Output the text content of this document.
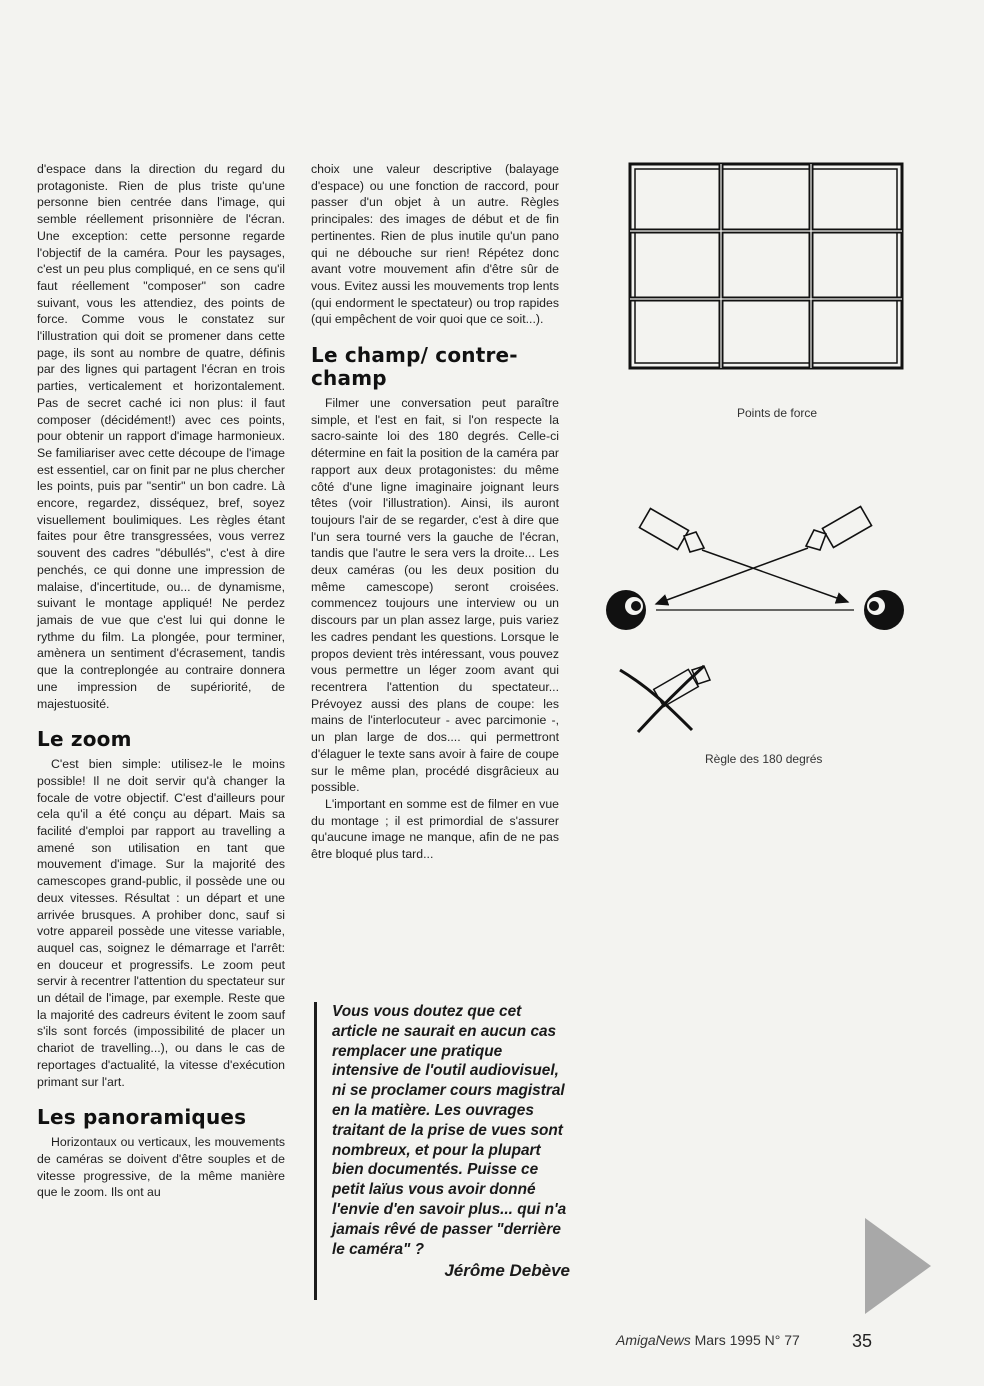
d'espace dans la direction du regard du protagoniste. Rien de plus triste qu'une personne bien centrée dans l'image, qui semble réellement prisonnière de l'écran. Une exception: cette personne regarde l'objectif de la caméra. Pour les paysages, c'est un peu plus compliqué, en ce sens qu'il faut réellement "composer" son cadre suivant, vous les attendiez, des points de force. Comme vous le constatez sur l'illustration qui doit se promener dans cette page, ils sont au nombre de quatre, définis par des lignes qui partagent l'écran en trois parties, verticalement et horizontalement. Pas de secret caché ici non plus: il faut composer (décidément!) avec ces points, pour obtenir un rapport d'image harmonieux. Se familiariser avec cette découpe de l'image est essentiel, car on finit par ne plus chercher les points, puis par "sentir" un bon cadre. Là encore, regardez, disséquez, bref, soyez visuellement boulimiques. Les règles étant faites pour être transgressées, vous verrez souvent des cadres "débullés", c'est à dire penchés, ce qui donne une impression de malaise, d'incertitude, ou... de dynamisme, suivant le montage appliqué! Ne perdez jamais de vue que c'est lui qui donne le rythme du film. La plongée, pour terminer, amènera un sentiment d'écrasement, tandis que la contreplongée au contraire donnera une impression de supériorité, de majestuosité.

Le zoom

C'est bien simple: utilisez-le le moins possible! Il ne doit servir qu'à changer la focale de votre objectif. C'est d'ailleurs pour cela qu'il a été conçu au départ. Mais sa facilité d'emploi par rapport au travelling a amené son utilisation en tant que mouvement d'image. Sur la majorité des camescopes grand-public, il possède une ou deux vitesses. Résultat : un départ et une arrivée brusques. A prohiber donc, sauf si votre appareil possède une vitesse variable, auquel cas, soignez le démarrage et l'arrêt: en douceur et progressifs. Le zoom peut servir à recentrer l'attention du spectateur sur un détail de l'image, par exemple. Reste que la majorité des cadreurs évitent le zoom sauf s'ils sont forcés (impossibilité de placer un chariot de travelling...), ou dans le cas de reportages d'actualité, la vitesse d'exécution primant sur l'art.

Les panoramiques

Horizontaux ou verticaux, les mouvements de caméras se doivent d'être souples et de vitesse progressive, de la même manière que le zoom. Ils ont au

choix une valeur descriptive (balayage d'espace) ou une fonction de raccord, pour passer d'un objet à un autre. Règles principales: des images de début et de fin pertinentes. Rien de plus inutile qu'un pano qui ne débouche sur rien! Répétez donc avant votre mouvement afin d'être sûr de vous. Evitez aussi les mouvements trop lents (qui endorment le spectateur) ou trop rapides (qui empêchent de voir quoi que ce soit...).

Le champ/ contre-champ

Filmer une conversation peut paraître simple, et l'est en fait, si l'on respecte la sacro-sainte loi des 180 degrés. Celle-ci détermine en fait la position de la caméra par rapport aux deux protagonistes: du même côté d'une ligne imaginaire joignant leurs têtes (voir l'illustration). Ainsi, ils auront toujours l'air de se regarder, c'est à dire que l'un sera tourné vers la gauche de l'écran, tandis que l'autre le sera vers la droite... Les deux caméras (ou les deux position du même camescope) seront croisées. commencez toujours une interview ou un discours par un plan assez large, puis variez les cadres pendant les questions. Lorsque le propos devient très intéressant, vous pouvez vous permettre un léger zoom avant qui recentrera l'attention du spectateur... Prévoyez aussi des plans de coupe: les mains de l'interlocuteur - avec parcimonie -, un plan large de dos.... qui permettront d'élaguer le texte sans avoir à faire de coupe sur le même plan, procédé disgrâcieux au possible.

L'important en somme est de filmer en vue du montage ; il est primordial de s'assurer qu'aucune image ne manque, afin de ne pas être bloqué plus tard...

Vous vous doutez que cet article ne saurait en aucun cas remplacer une pratique intensive de l'outil audiovisuel, ni se proclamer cours magistral en la matière. Les ouvrages traitant de la prise de vues sont nombreux, et pour la plupart bien documentés. Puisse ce petit laïus vous avoir donné l'envie d'en savoir plus... qui n'a jamais rêvé de passer "derrière le caméra" ?

Jérôme Debève

Points de force
Règle des 180 degrés
AmigaNews Mars 1995 N° 77	35
